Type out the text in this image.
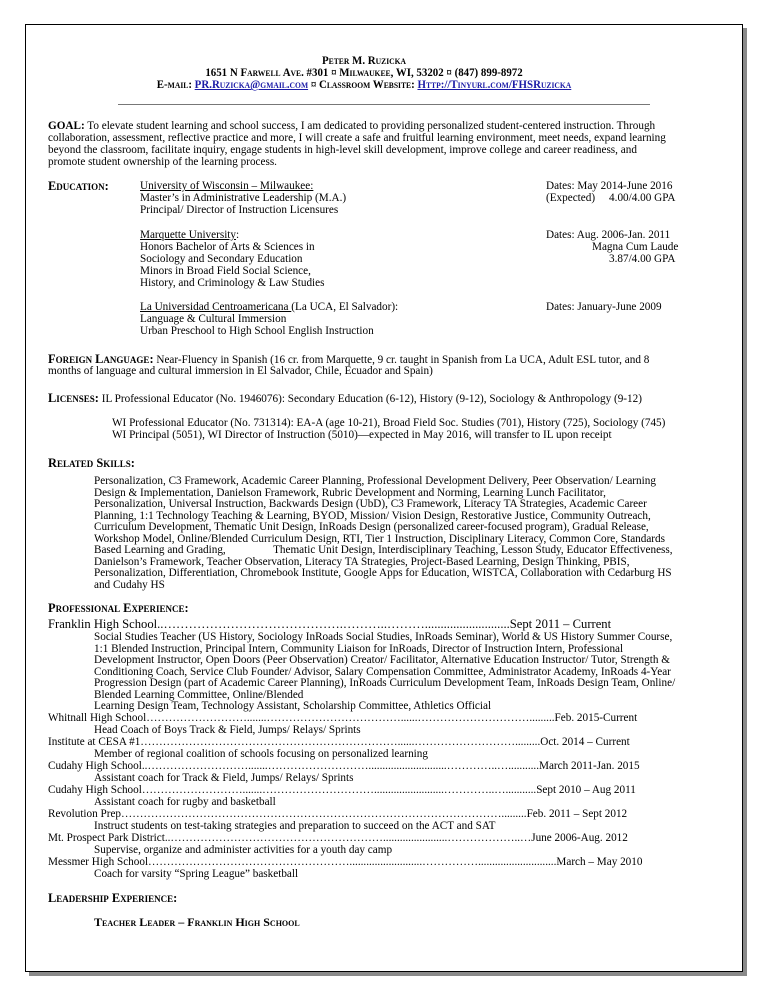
Peter M. Ruzicka
1651 N Farwell Ave. #301 ¤ Milwaukee, WI, 53202 ¤ (847) 899-8972
E-mail: PR.Ruzicka@gmail.com ¤ Classroom Website: Http://Tinyurl.com/FHSRuzicka
GOAL: To elevate student learning and school success, I am dedicated to providing personalized student-centered instruction. Through
collaboration, assessment, reflective practice and more, I will create a safe and fruitful learning environment, meet needs, expand learning
beyond the classroom, facilitate inquiry, engage students in high-level skill development, improve college and career readiness, and
promote student ownership of the learning process.
Education:	University of Wisconsin – Milwaukee:
Master’s in Administrative Leadership (M.A.)
Principal/ Director of Instruction Licensures
Dates: May 2014-June 2016
(Expected)     4.00/4.00 GPA
Marquette University:
Honors Bachelor of Arts & Sciences in
Sociology and Secondary Education
Minors in Broad Field Social Science,
History, and Criminology & Law Studies
Dates: Aug. 2006-Jan. 2011
Magna Cum Laude
3.87/4.00 GPA
La Universidad Centroamericana (La UCA, El Salvador):
Language & Cultural Immersion
Urban Preschool to High School English Instruction
Dates: January-June 2009
Foreign Language: Near-Fluency in Spanish (16 cr. from Marquette, 9 cr. taught in Spanish from La UCA, Adult ESL tutor, and 8
months of language and cultural immersion in El Salvador, Chile, Ecuador and Spain)
Licenses: IL Professional Educator (No. 1946076): Secondary Education (6-12), History (9-12), Sociology & Anthropology (9-12)
WI Professional Educator (No. 731314): EA-A (age 10-21), Broad Field Soc. Studies (701), History (725), Sociology (745)
WI Principal (5051), WI Director of Instruction (5010)—expected in May 2016, will transfer to IL upon receipt
Related Skills:
Personalization, C3 Framework, Academic Career Planning, Professional Development Delivery, Peer Observation/ Learning
Design & Implementation, Danielson Framework, Rubric Development and Norming, Learning Lunch Facilitator,
Personalization, Universal Instruction, Backwards Design (UbD), C3 Framework, Literacy TA Strategies, Academic Career
Planning, 1:1 Technology Teaching & Learning, BYOD, Mission/ Vision Design, Restorative Justice, Community Outreach,
Curriculum Development, Thematic Unit Design, InRoads Design (personalized career-focused program), Gradual Release,
Workshop Model, Online/Blended Curriculum Design, RTI, Tier 1 Instruction, Disciplinary Literacy, Common Core, Standards
Based Learning and Grading,                 Thematic Unit Design, Interdisciplinary Teaching, Lesson Study, Educator Effectiveness,
Danielson’s Framework, Teacher Observation, Literacy TA Strategies, Project-Based Learning, Design Thinking, PBIS,
Personalization, Differentiation, Chromebook Institute, Google Apps for Education, WISTCA, Collaboration with Cedarburg HS
and Cudahy HS
Professional Experience:
Franklin High School..…………………………………….………..………...........................Sept 2011 – Current
Social Studies Teacher (US History, Sociology InRoads Social Studies, InRoads Seminar), World & US History Summer Course,
1:1 Blended Instruction, Principal Intern, Community Liaison for InRoads, Director of Instruction Intern, Professional
Development Instructor, Open Doors (Peer Observation) Creator/ Facilitator, Alternative Education Instructor/ Tutor, Strength &
Conditioning Coach, Service Club Founder/ Advisor, Salary Compensation Committee, Administrator Academy, InRoads 4-Year
Progression Design (part of Academic Career Planning), InRoads Curriculum Development Team, InRoads Design Team, Online/
Blended Learning Committee, Online/Blended
Learning Design Team, Technology Assistant, Scholarship Committee, Athletics Official
Whitnall High School……………………….......………………………………......………………………….........Feb. 2015-Current
Head Coach of Boys Track & Field, Jumps/ Relays/ Sprints
Institute at CESA #1……………………………………………………………......……………………….........Oct. 2014 – Current
Member of regional coalition of schools focusing on personalized learning
Cudahy High School..……………………….......………………………............................…………..…...........March 2011-Jan. 2015
Assistant coach for Track & Field, Jumps/ Relays/ Sprints
Cudahy High School……………………….......………………………….........................…………..…...........Sept 2010 – Aug 2011
Assistant coach for rugby and basketball
Revolution Prep………………………………………………………………………………………….........Feb. 2011 – Sept 2012
Instruct students on test-taking strategies and preparation to succeed on the ACT and SAT
Mt. Prospect Park District..………………………………………………….......................………………..…June 2006-Aug. 2012
Supervise, organize and administer activities for a youth day camp
Messmer High School………………………………………………..........................……………............................March – May 2010
Coach for varsity “Spring League” basketball
Leadership Experience:
Teacher Leader – Franklin High School
